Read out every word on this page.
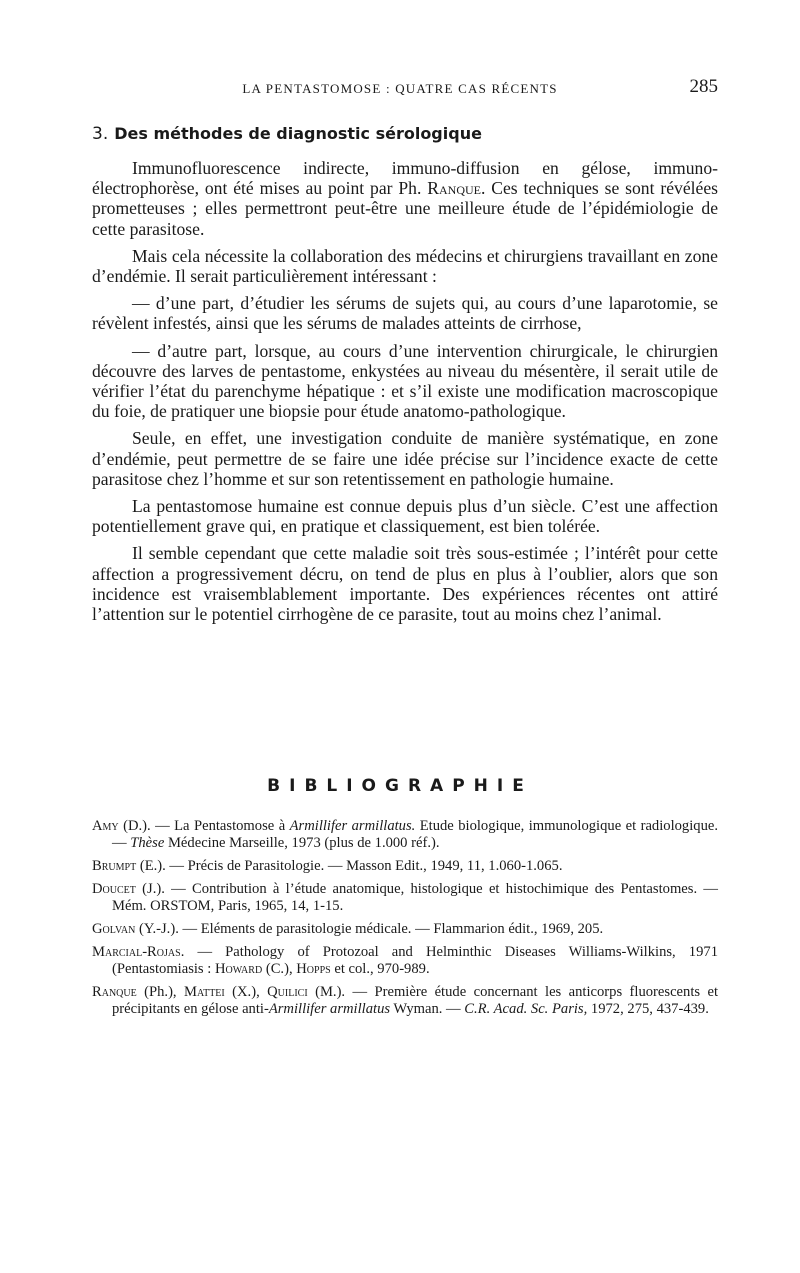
LA PENTASTOMOSE : QUATRE CAS RÉCENTS	285
3. Des méthodes de diagnostic sérologique

Immunofluorescence indirecte, immuno-diffusion en gélose, immuno-électrophorèse, ont été mises au point par Ph. Ranque. Ces techniques se sont révélées prometteuses ; elles permettront peut-être une meilleure étude de l’épidémiologie de cette parasitose.

Mais cela nécessite la collaboration des médecins et chirurgiens travaillant en zone d’endémie. Il serait particulièrement intéressant :

— d’une part, d’étudier les sérums de sujets qui, au cours d’une laparotomie, se révèlent infestés, ainsi que les sérums de malades atteints de cirrhose,

— d’autre part, lorsque, au cours d’une intervention chirurgicale, le chirurgien découvre des larves de pentastome, enkystées au niveau du mésentère, il serait utile de vérifier l’état du parenchyme hépatique : et s’il existe une modification macroscopique du foie, de pratiquer une biopsie pour étude anatomo-pathologique.

Seule, en effet, une investigation conduite de manière systématique, en zone d’endémie, peut permettre de se faire une idée précise sur l’incidence exacte de cette parasitose chez l’homme et sur son retentissement en pathologie humaine.

La pentastomose humaine est connue depuis plus d’un siècle. C’est une affection potentiellement grave qui, en pratique et classiquement, est bien tolérée.

Il semble cependant que cette maladie soit très sous-estimée ; l’intérêt pour cette affection a progressivement décru, on tend de plus en plus à l’oublier, alors que son incidence est vraisemblablement importante. Des expériences récentes ont attiré l’attention sur le potentiel cirrhogène de ce parasite, tout au moins chez l’animal.

BIBLIOGRAPHIE
Amy (D.). — La Pentastomose à Armillifer armillatus. Etude biologique, immunologique et radiologique. — Thèse Médecine Marseille, 1973 (plus de 1.000 réf.).
Brumpt (E.). — Précis de Parasitologie. — Masson Edit., 1949, 11, 1.060-1.065.
Doucet (J.). — Contribution à l’étude anatomique, histologique et histochimique des Pentastomes. — Mém. ORSTOM, Paris, 1965, 14, 1-15.
Golvan (Y.-J.). — Eléments de parasitologie médicale. — Flammarion édit., 1969, 205.
Marcial-Rojas. — Pathology of Protozoal and Helminthic Diseases Williams-Wilkins, 1971 (Pentastomiasis : Howard (C.), Hopps et col., 970-989.
Ranque (Ph.), Mattei (X.), Quilici (M.). — Première étude concernant les anticorps fluorescents et précipitants en gélose anti-Armillifer armillatus Wyman. — C.R. Acad. Sc. Paris, 1972, 275, 437-439.
